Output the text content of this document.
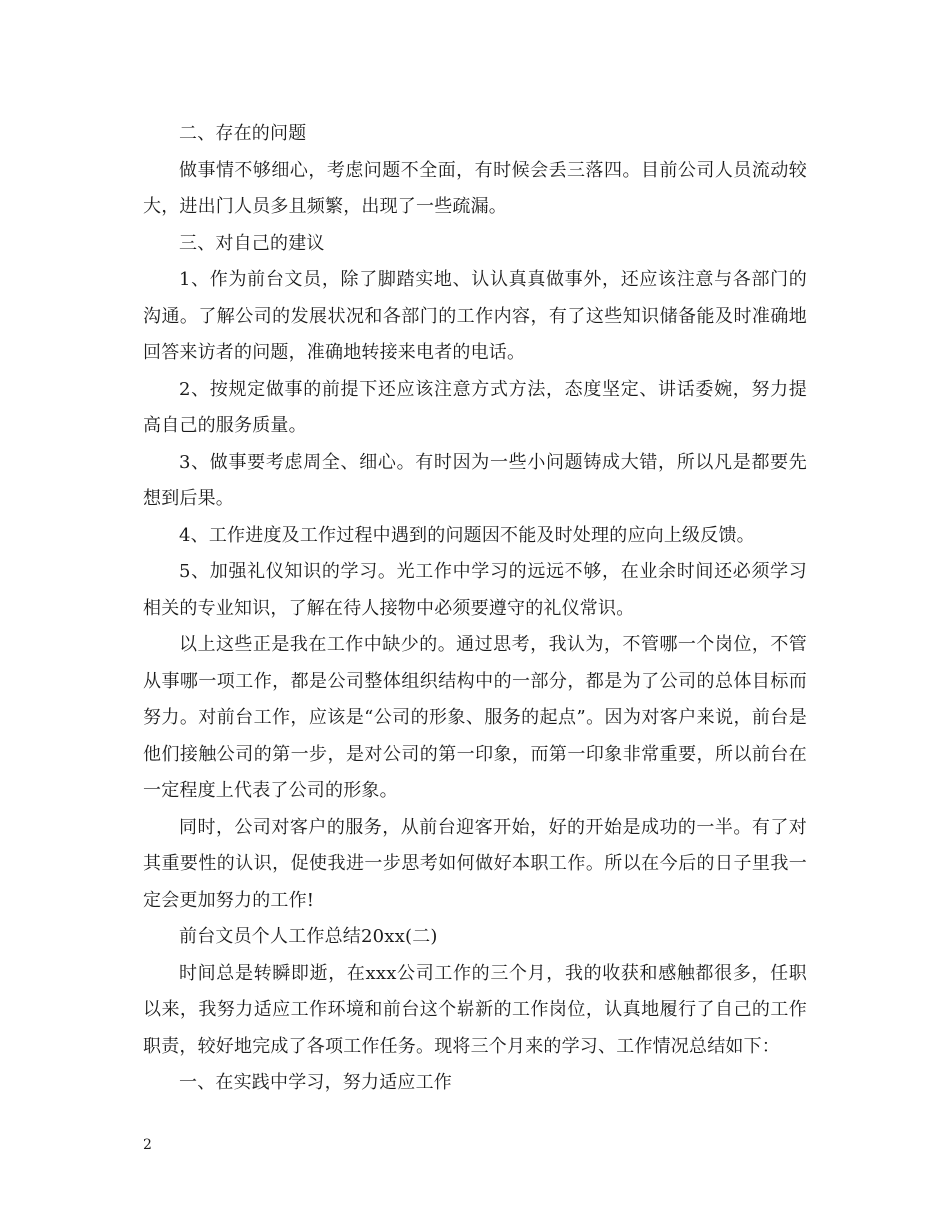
二、存在的问题

做事情不够细心，考虑问题不全面，有时候会丢三落四。目前公司人员流动较大，进出门人员多且频繁，出现了一些疏漏。

三、对自己的建议

1、作为前台文员，除了脚踏实地、认认真真做事外，还应该注意与各部门的沟通。了解公司的发展状况和各部门的工作内容，有了这些知识储备能及时准确地回答来访者的问题，准确地转接来电者的电话。

2、按规定做事的前提下还应该注意方式方法，态度坚定、讲话委婉，努力提高自己的服务质量。

3、做事要考虑周全、细心。有时因为一些小问题铸成大错，所以凡是都要先想到后果。

4、工作进度及工作过程中遇到的问题因不能及时处理的应向上级反馈。

5、加强礼仪知识的学习。光工作中学习的远远不够，在业余时间还必须学习相关的专业知识，了解在待人接物中必须要遵守的礼仪常识。

以上这些正是我在工作中缺少的。通过思考，我认为，不管哪一个岗位，不管从事哪一项工作，都是公司整体组织结构中的一部分，都是为了公司的总体目标而努力。对前台工作，应该是“公司的形象、服务的起点”。因为对客户来说，前台是他们接触公司的第一步，是对公司的第一印象，而第一印象非常重要，所以前台在一定程度上代表了公司的形象。

同时，公司对客户的服务，从前台迎客开始，好的开始是成功的一半。有了对其重要性的认识，促使我进一步思考如何做好本职工作。所以在今后的日子里我一定会更加努力的工作!

前台文员个人工作总结20xx(二)

时间总是转瞬即逝，在xxx公司工作的三个月，我的收获和感触都很多，任职以来，我努力适应工作环境和前台这个崭新的工作岗位，认真地履行了自己的工作职责，较好地完成了各项工作任务。现将三个月来的学习、工作情况总结如下：

一、在实践中学习，努力适应工作

2
